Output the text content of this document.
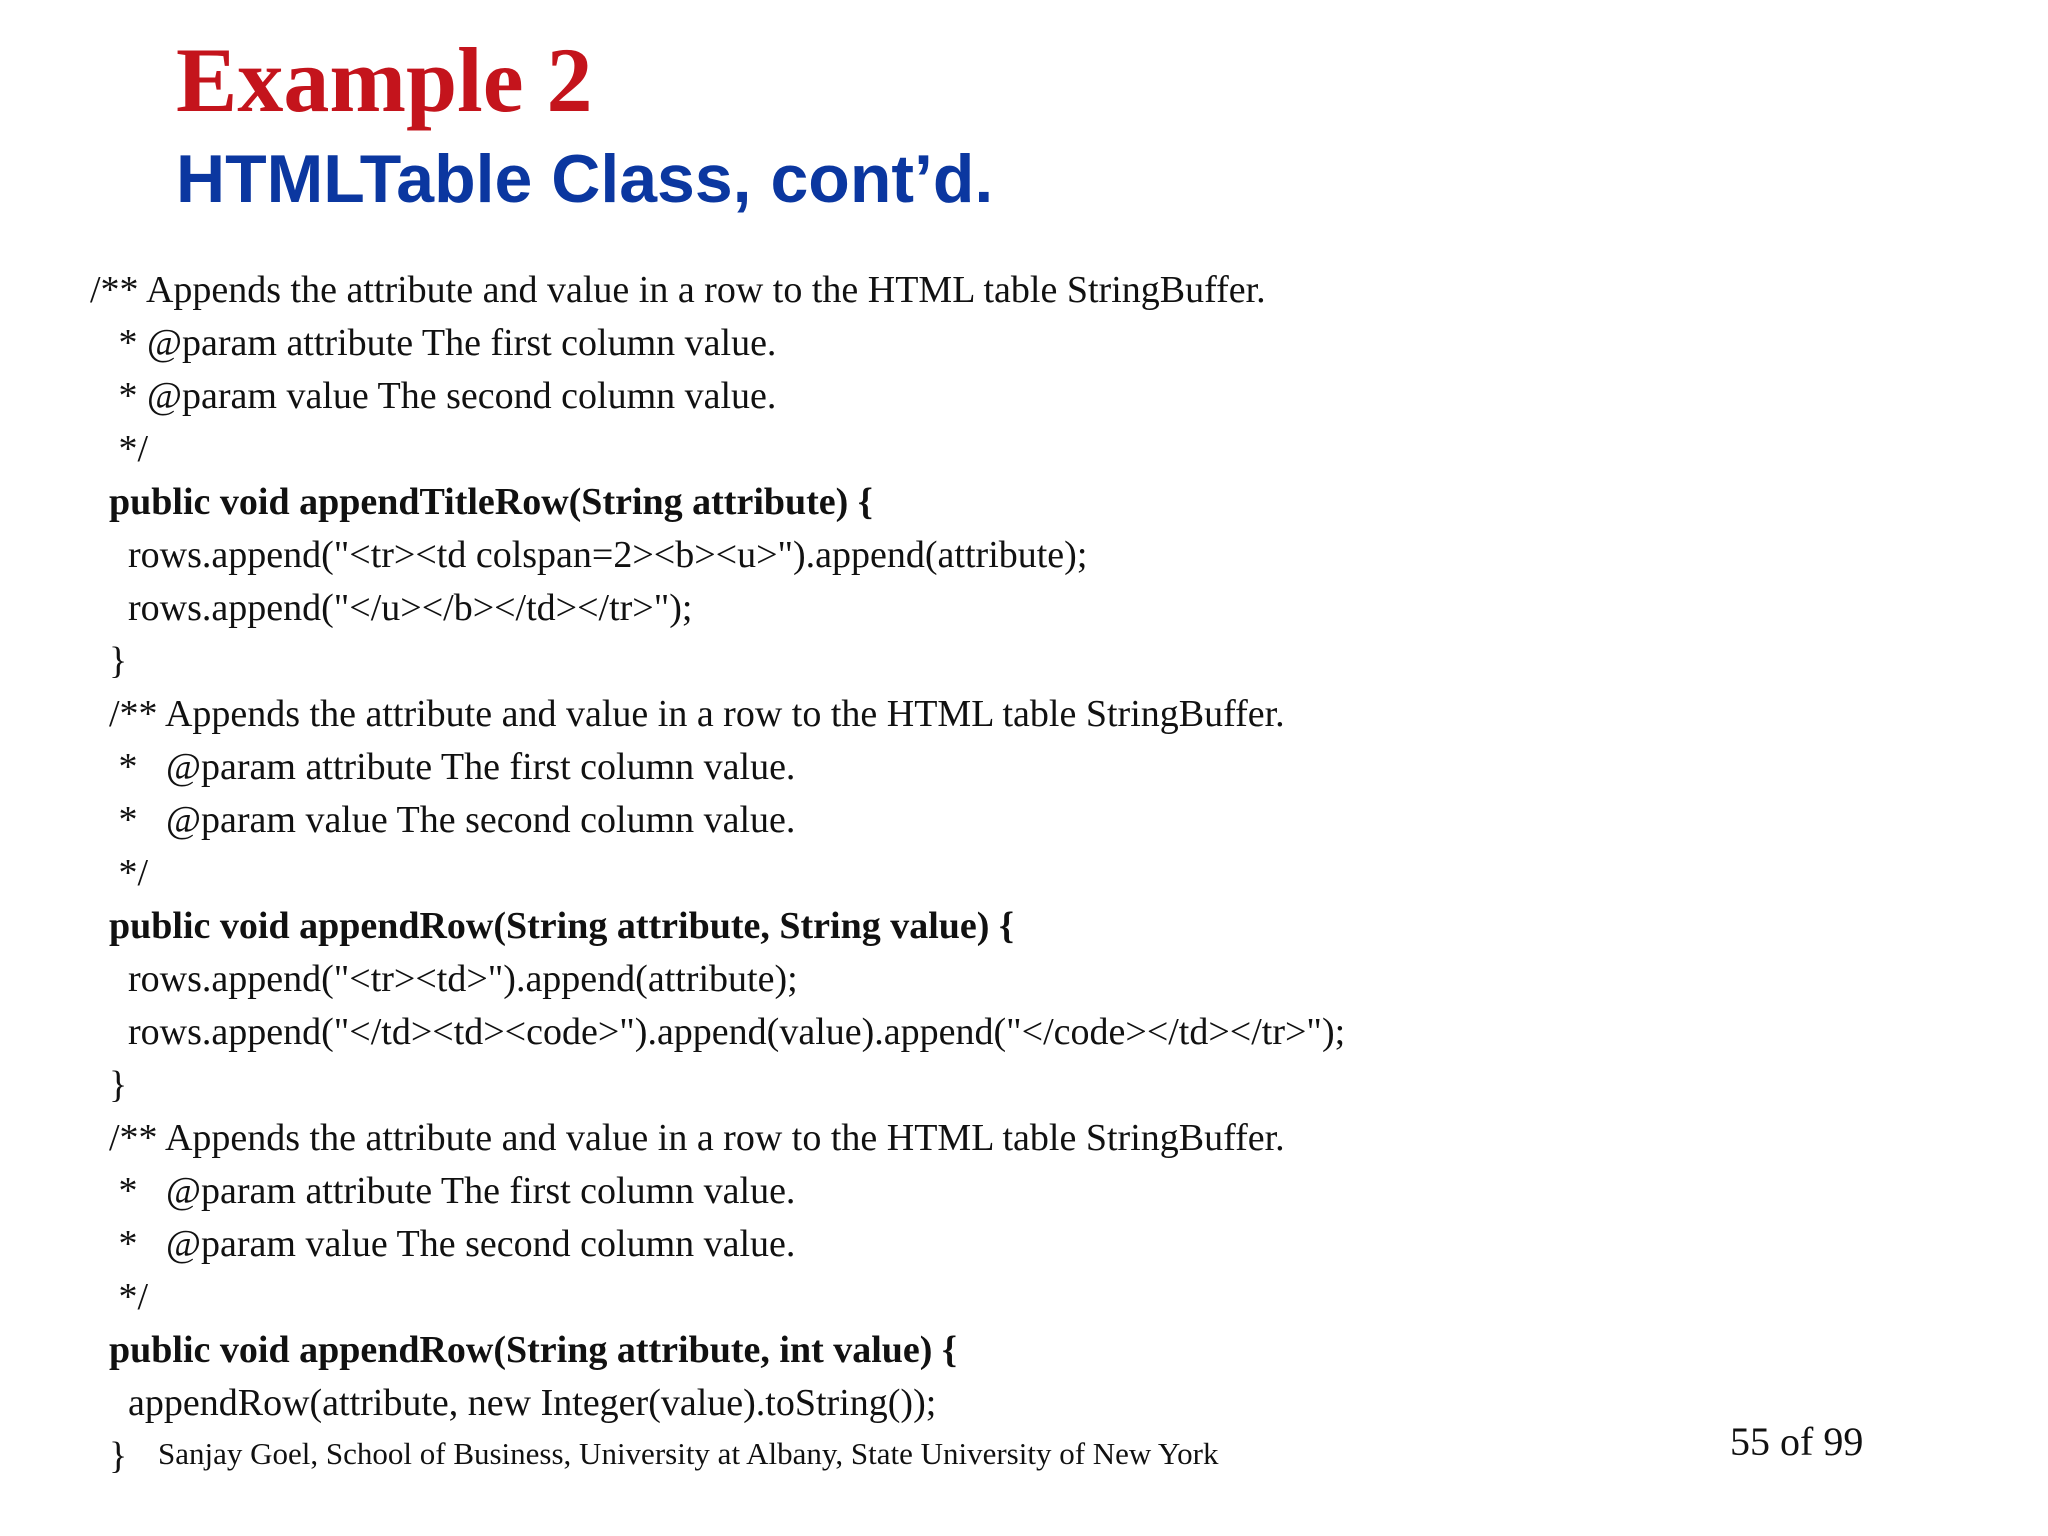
Example 2
HTMLTable Class, cont’d.
/** Appends the attribute and value in a row to the HTML table StringBuffer.
* @param attribute The first column value.
* @param value The second column value.
*/
public void appendTitleRow(String attribute) {
rows.append("<tr><td colspan=2><b><u>").append(attribute);
rows.append("</u></b></td></tr>");
}
/** Appends the attribute and value in a row to the HTML table StringBuffer.
*   @param attribute The first column value.
*   @param value The second column value.
*/
public void appendRow(String attribute, String value) {
rows.append("<tr><td>").append(attribute);
rows.append("</td><td><code>").append(value).append("</code></td></tr>");
}
/** Appends the attribute and value in a row to the HTML table StringBuffer.
*   @param attribute The first column value.
*   @param value The second column value.
*/
public void appendRow(String attribute, int value) {
appendRow(attribute, new Integer(value).toString());
} Sanjay Goel, School of Business, University at Albany, State University of New York	55 of 99
